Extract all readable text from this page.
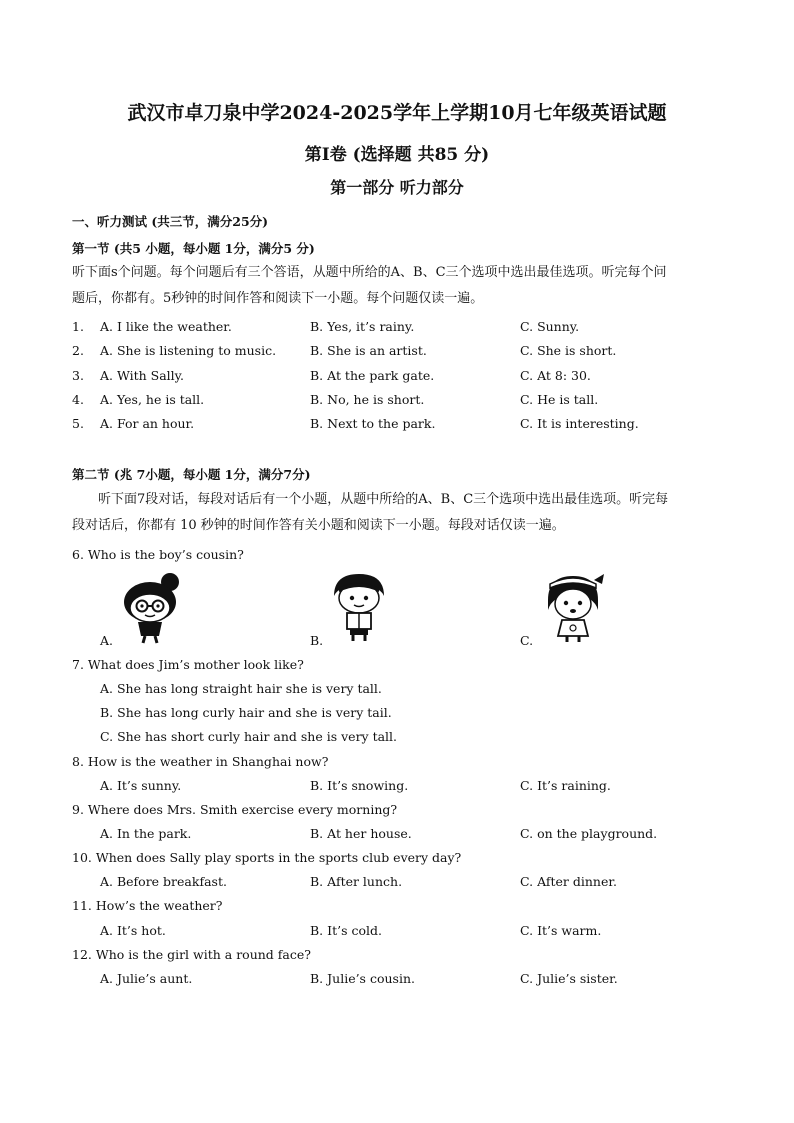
武汉市卓刀泉中学2024-2025学年上学期10月七年级英语试题
第Ⅰ卷 (选择题 共85 分)
第一部分 听力部分
一、听力测试 (共三节，满分25分)
第一节 (共5 小题，每小题 1分，满分5 分)
听下面s个问题。每个问题后有三个答语，从题中所给的A、B、C三个选项中选出最佳选项。听完每个问
题后，你都有。5秒钟的时间作答和阅读下一小题。每个问题仅读一遍。
1. A. I like the weather.	B. Yes, it’s rainy.	C. Sunny.
2. A. She is listening to music.	B. She is an artist.	C. She is short.
3. A. With Sally.	B. At the park gate.	C. At 8: 30.
4. A. Yes, he is tall.	B. No, he is short.	C. He is tall.
5. A. For an hour.	B. Next to the park.	C. It is interesting.
第二节 (兆 7小题，每小题 1分，满分7分)
听下面7段对话，每段对话后有一个小题，从题中所给的A、B、C三个选项中选出最佳选项。听完每
段对话后，你都有 10 秒钟的时间作答有关小题和阅读下一小题。每段对话仅读一遍。
6. Who is the boy’s cousin?
A.	B.	C.
7. What does Jim’s mother look like?
A. She has long straight hair she is very tall.
B. She has long curly hair and she is very tail.
C. She has short curly hair and she is very tall.
8. How is the weather in Shanghai now?
A. It’s sunny.	B. It’s snowing.	C. It’s raining.
9. Where does Mrs. Smith exercise every morning?
A. In the park.	B. At her house.	C. on the playground.
10. When does Sally play sports in the sports club every day?
A. Before breakfast.	B. After lunch.	C. After dinner.
11. How’s the weather?
A. It’s hot.	B. It’s cold.	C. It’s warm.
12. Who is the girl with a round face?
A. Julie’s aunt.	B. Julie’s cousin.	C. Julie’s sister.
